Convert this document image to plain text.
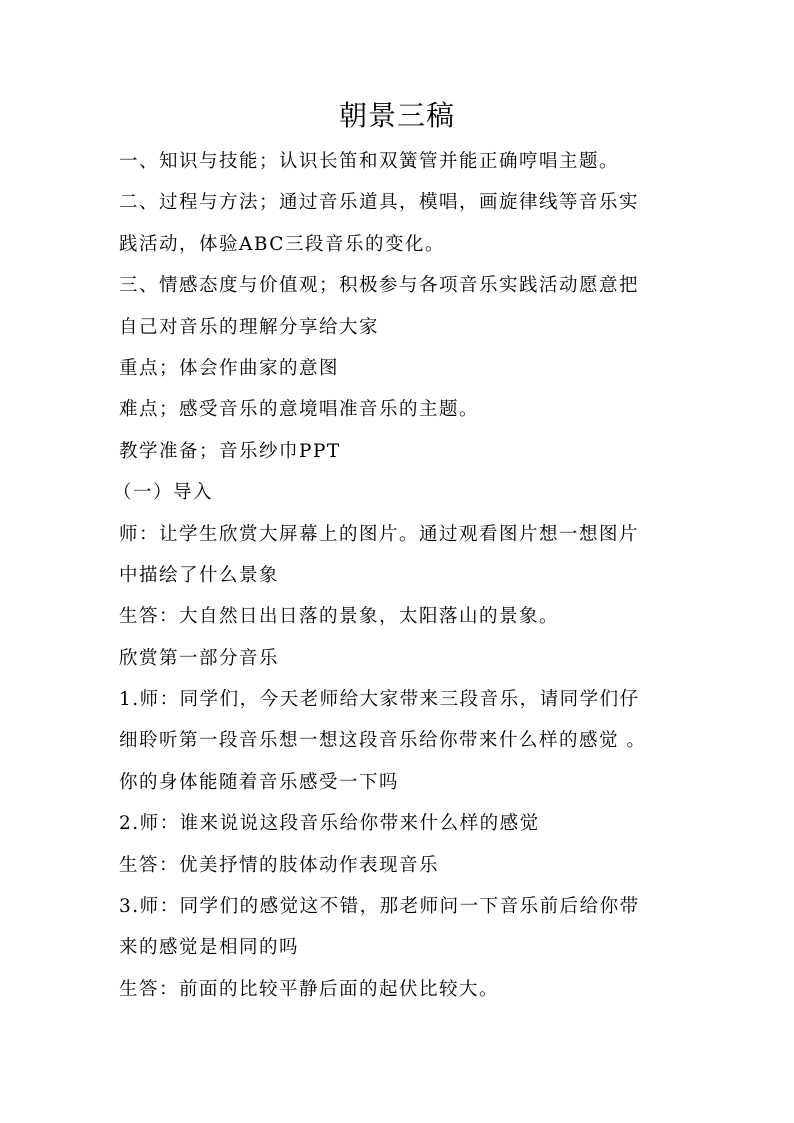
朝景三稿
一、知识与技能；认识长笛和双簧管并能正确哼唱主题。
二、过程与方法；通过音乐道具，模唱，画旋律线等音乐实
践活动，体验ABC三段音乐的变化。
三、情感态度与价值观；积极参与各项音乐实践活动愿意把
自己对音乐的理解分享给大家
重点；体会作曲家的意图
难点；感受音乐的意境唱准音乐的主题。
教学准备；音乐纱巾PPT
（一）导入
师：让学生欣赏大屏幕上的图片。通过观看图片想一想图片
中描绘了什么景象
生答：大自然日出日落的景象，太阳落山的景象。
欣赏第一部分音乐
1.师：同学们，今天老师给大家带来三段音乐，请同学们仔
细聆听第一段音乐想一想这段音乐给你带来什么样的感觉 。
你的身体能随着音乐感受一下吗
2.师：谁来说说这段音乐给你带来什么样的感觉
生答：优美抒情的肢体动作表现音乐
3.师：同学们的感觉这不错，那老师问一下音乐前后给你带
来的感觉是相同的吗
生答：前面的比较平静后面的起伏比较大。
